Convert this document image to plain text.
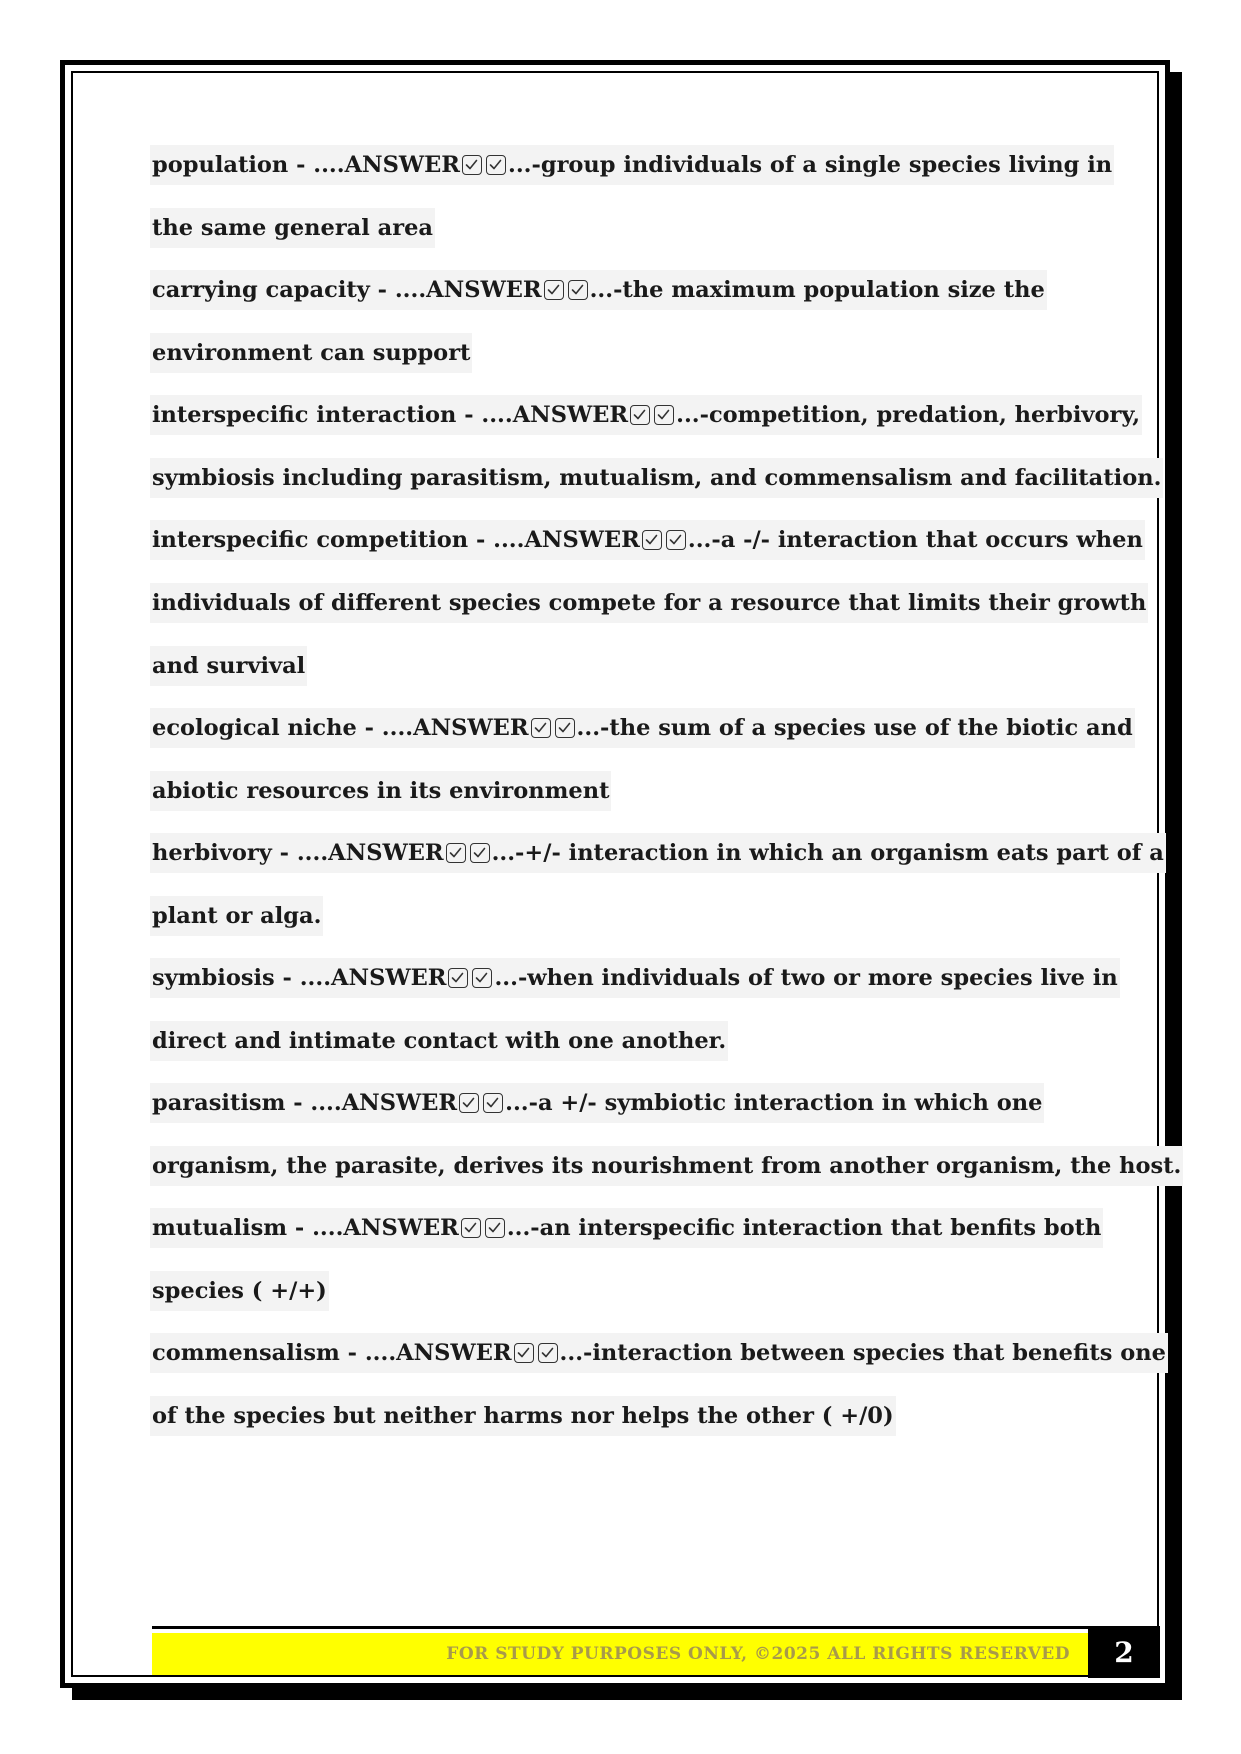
population - ....ANSWER ...-group individuals of a single species living in
the same general area
carrying capacity - ....ANSWER ...-the maximum population size the
environment can support
interspecific interaction - ....ANSWER ...-competition, predation, herbivory,
symbiosis including parasitism, mutualism, and commensalism and facilitation.
interspecific competition - ....ANSWER ...-a -/- interaction that occurs when
individuals of different species compete for a resource that limits their growth
and survival
ecological niche - ....ANSWER ...-the sum of a species use of the biotic and
abiotic resources in its environment
herbivory - ....ANSWER ...-+/- interaction in which an organism eats part of a
plant or alga.
symbiosis - ....ANSWER ...-when individuals of two or more species live in
direct and intimate contact with one another.
parasitism - ....ANSWER ...-a +/- symbiotic interaction in which one
organism, the parasite, derives its nourishment from another organism, the host.
mutualism - ....ANSWER ...-an interspecific interaction that benfits both
species ( +/+)
commensalism - ....ANSWER ...-interaction between species that benefits one
of the species but neither harms nor helps the other ( +/0)
FOR STUDY PURPOSES ONLY, ©2025 ALL RIGHTS RESERVED	2
